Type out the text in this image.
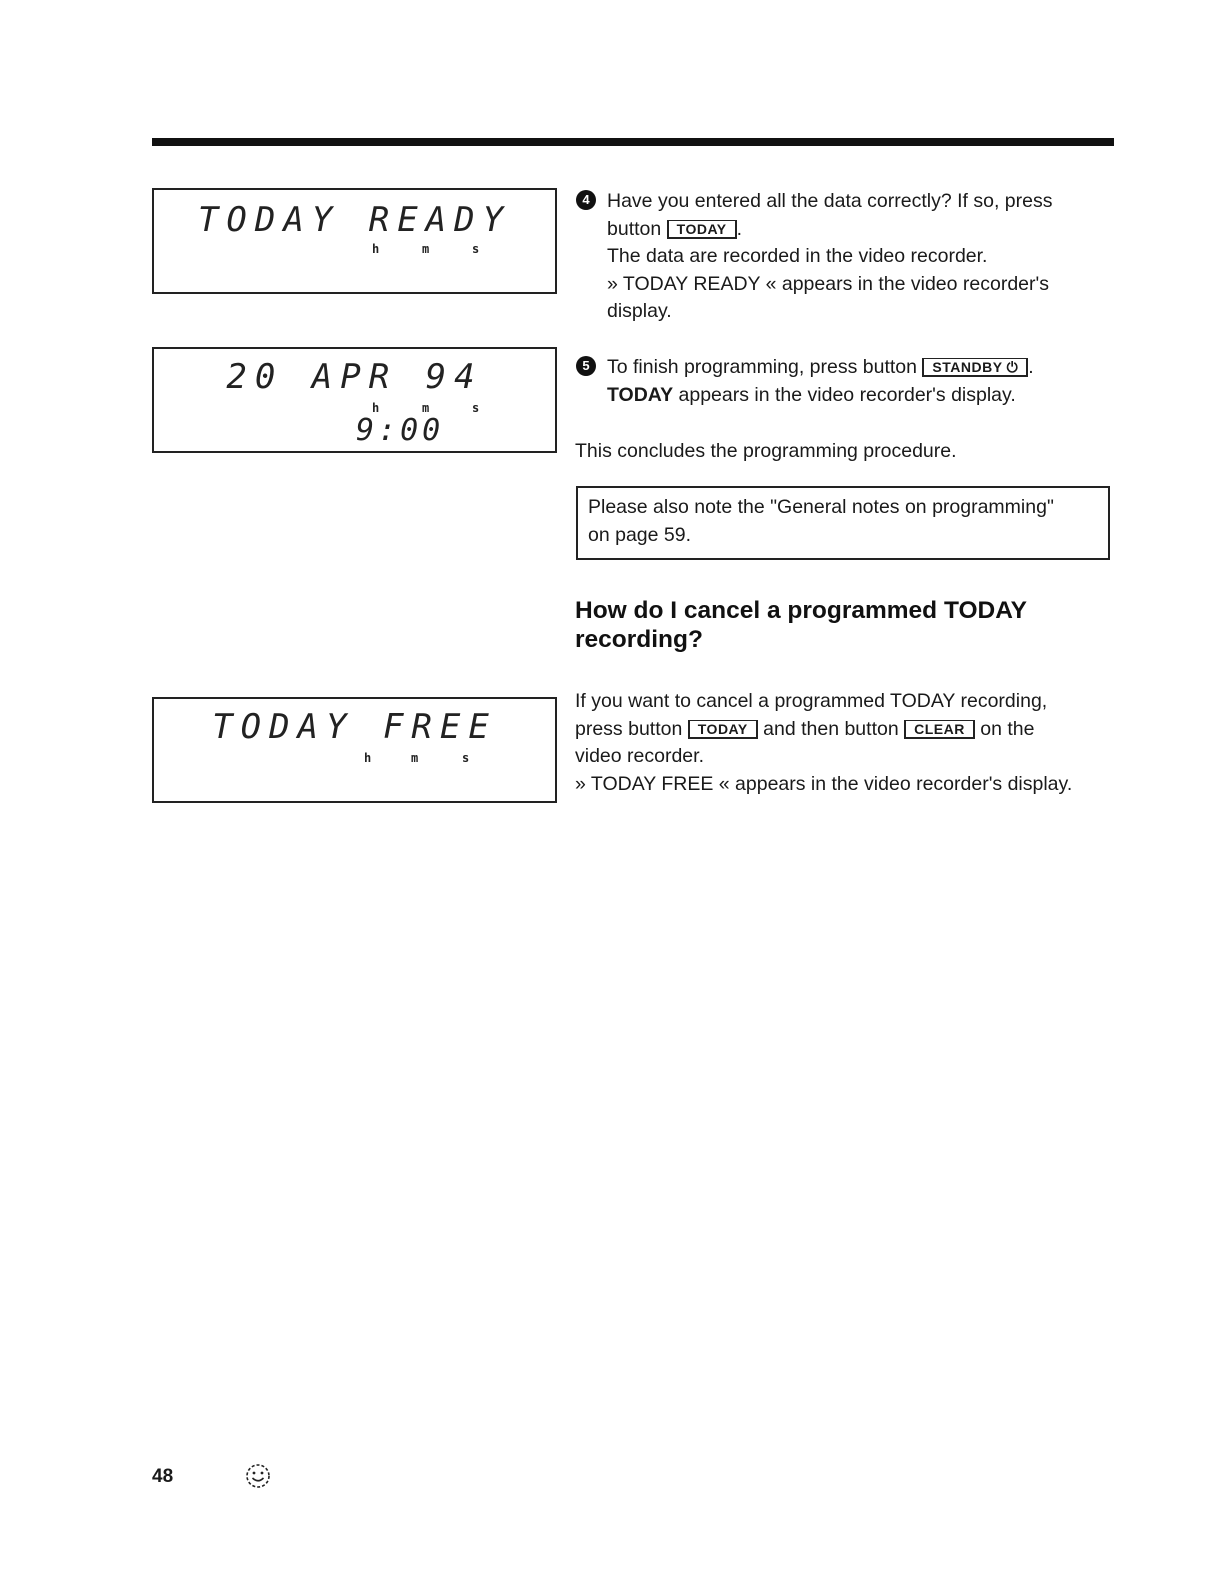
TODAY READY
h	m	s
20 APR 94
h	m	s
9:00
TODAY FREE
h	m	s
4 Have you entered all the data correctly? If so, press
button TODAY .
The data are recorded in the video recorder.
» TODAY READY « appears in the video recorder's
display.
5 To finish programming, press button STANDBY ⏻ .
TODAY appears in the video recorder's display.
This concludes the programming procedure.
Please also note the "General notes on programming"
on page 59.
How do I cancel a programmed TODAY
recording?
If you want to cancel a programmed TODAY recording,
press button TODAY and then button CLEAR on the
video recorder.
» TODAY FREE « appears in the video recorder's display.
48
